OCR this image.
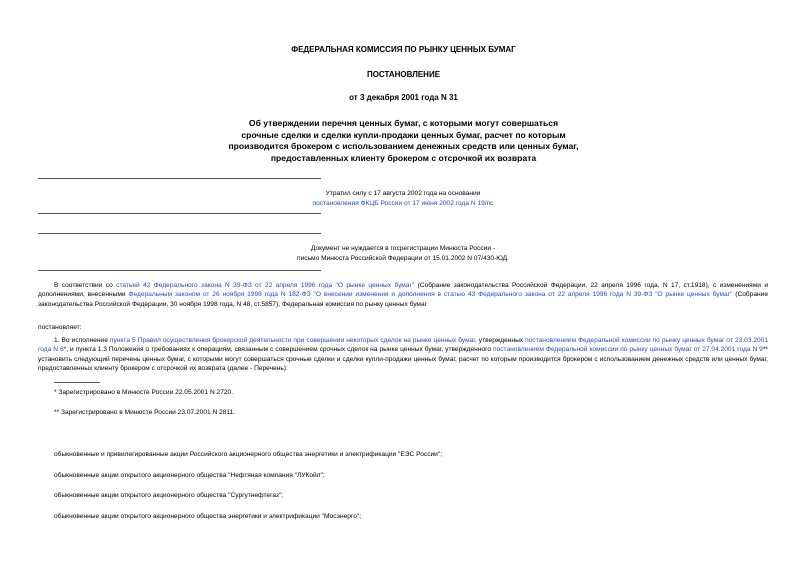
ФЕДЕРАЛЬНАЯ КОМИССИЯ ПО РЫНКУ ЦЕННЫХ БУМАГ
ПОСТАНОВЛЕНИЕ
от 3 декабря 2001 года N 31
Об утверждении перечня ценных бумаг, с которыми могут совершаться
срочные сделки и сделки купли-продажи ценных бумаг, расчет по которым
производится брокером с использованием денежных средств или ценных бумаг,
предоставленных клиенту брокером с отсрочкой их возврата
Утратил силу с 17 августа 2002 года на основании
постановления ФКЦБ России от 17 июня 2002 года N 19/пс
Документ не нуждается в госрегистрации Минюста России -
письмо Минюста Российской Федерации от 15.01.2002 N 07/430-ЮД.
В соответствии со статьей 42 Федерального закона N 39-ФЗ от 22 апреля 1996 года "О рынке ценных бумаг" (Собрание законодательства Российской Федерации, 22 апреля 1996 года, N 17, ст.1918), с изменениями и дополнениями, внесенными Федеральным законом от 26 ноября 1998 года N 182-ФЗ "О внесении изменения и дополнения в статью 43 Федерального закона от 22 апреля 1996 года N 39-ФЗ "О рынке ценных бумаг" (Собрание законодательства Российской Федерации, 30 ноября 1998 года, N 48, ст.5857), Федеральная комиссия по рынку ценных бумаг
постановляет:
1. Во исполнение пункта 5 Правил осуществления брокерской деятельности при совершении некоторых сделок на рынке ценных бумаг, утвержденных постановлением Федеральной комиссии по рынку ценных бумаг от 23.03.2001 года N 6*, и пункта 1.3 Положения о требованиях к операциям, связанным с совершением срочных сделок на рынке ценных бумаг, утвержденного постановлением Федеральной комиссии по рынку ценных бумаг от 27.04.2001 года N 9** установить следующий перечень ценных бумаг, с которыми могут совершаться срочные сделки и сделки купли-продажи ценных бумаг, расчет по которым производится брокером с использованием денежных средств или ценных бумаг, предоставленных клиенту брокером с отсрочкой их возврата (далее - Перечень):
* Зарегистрировано в Минюсте России 22.05.2001 N 2720.
** Зарегистрировано в Минюсте России 23.07.2001 N 2811.
обыкновенные и привилегированные акции Российского акционерного общества энергетики и электрификации "ЕЭС России";
обыкновенные акции открытого акционерного общества "Нефтяная компания "ЛУКойл";
обыкновенные акции открытого акционерного общества "Сургутнефтегаз";
обыкновенные акции открытого акционерного общества энергетики и электрификации "Мосэнерго";
